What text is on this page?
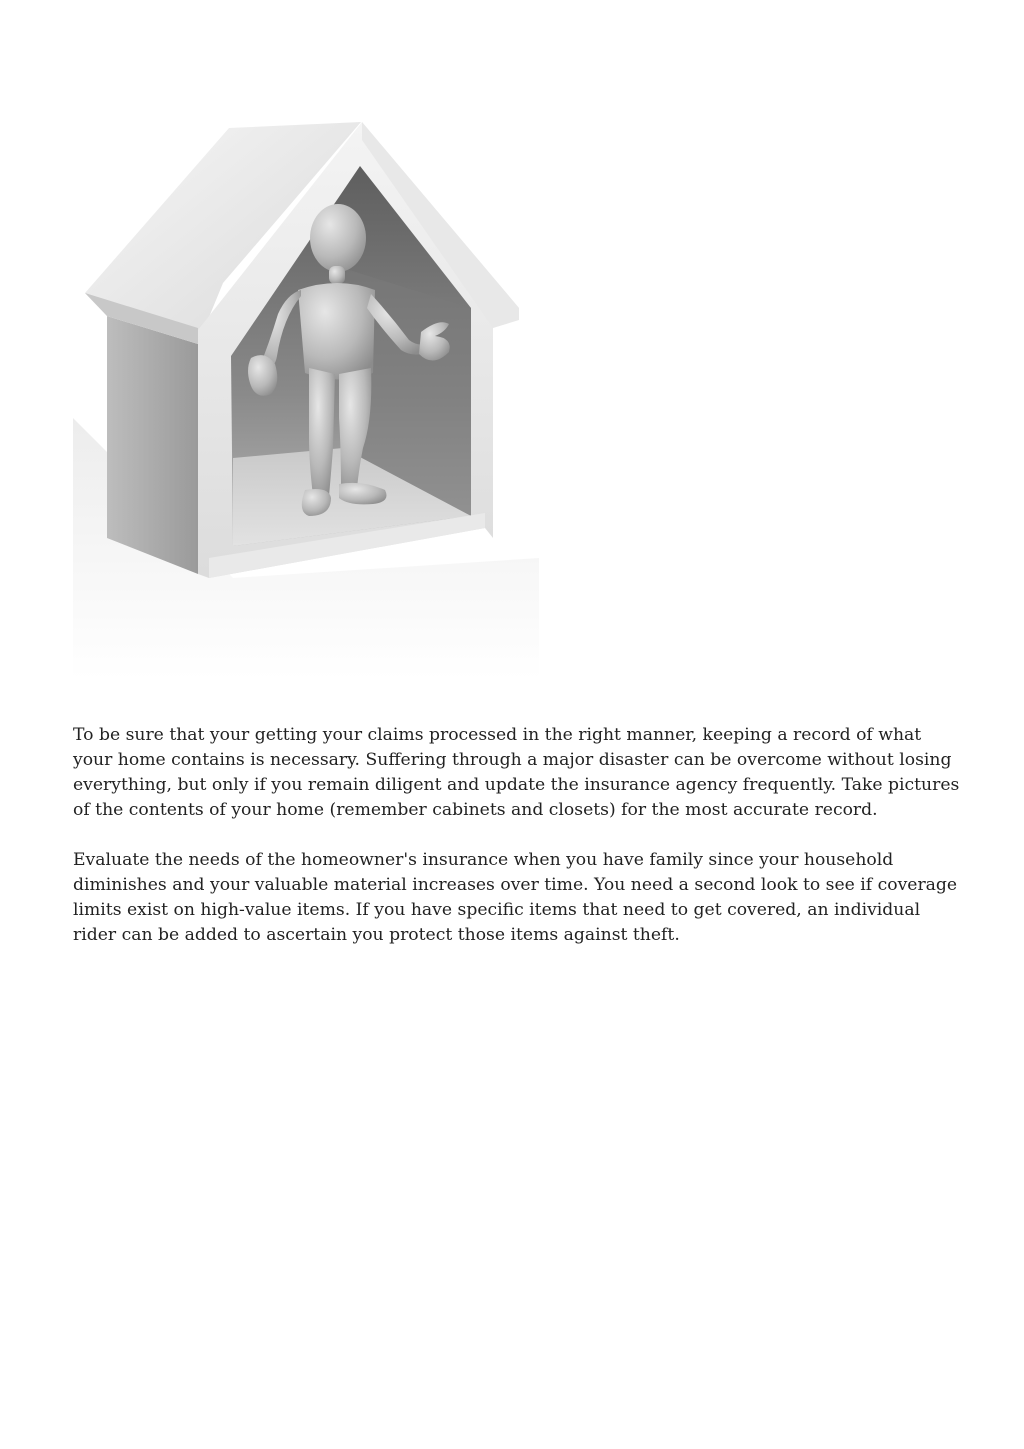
To be sure that your getting your claims processed in the right manner, keeping a record of what your home contains is necessary. Suffering through a major disaster can be overcome without losing everything, but only if you remain diligent and update the insurance agency frequently. Take pictures of the contents of your home (remember cabinets and closets) for the most accurate record.

Evaluate the needs of the homeowner's insurance when you have family since your household diminishes and your valuable material increases over time. You need a second look to see if coverage limits exist on high-value items. If you have specific items that need to get covered, an individual rider can be added to ascertain you protect those items against theft.
